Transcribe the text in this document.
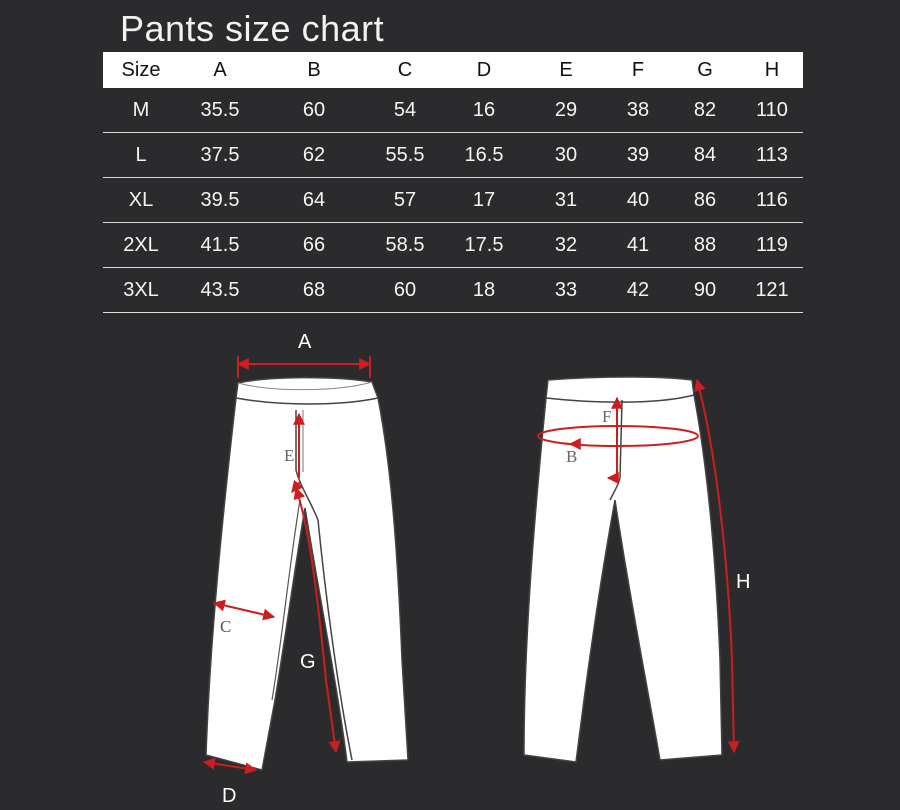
Pants size chart
Size	A	B	C	D	E	F	G	H
M	35.5	60	54	16	29	38	82	110
L	37.5	62	55.5	16.5	30	39	84	113
XL	39.5	64	57	17	31	40	86	116
2XL	41.5	66	58.5	17.5	32	41	88	119
3XL	43.5	68	60	18	33	42	90	121
A
E
C
G
D
F
B
H
